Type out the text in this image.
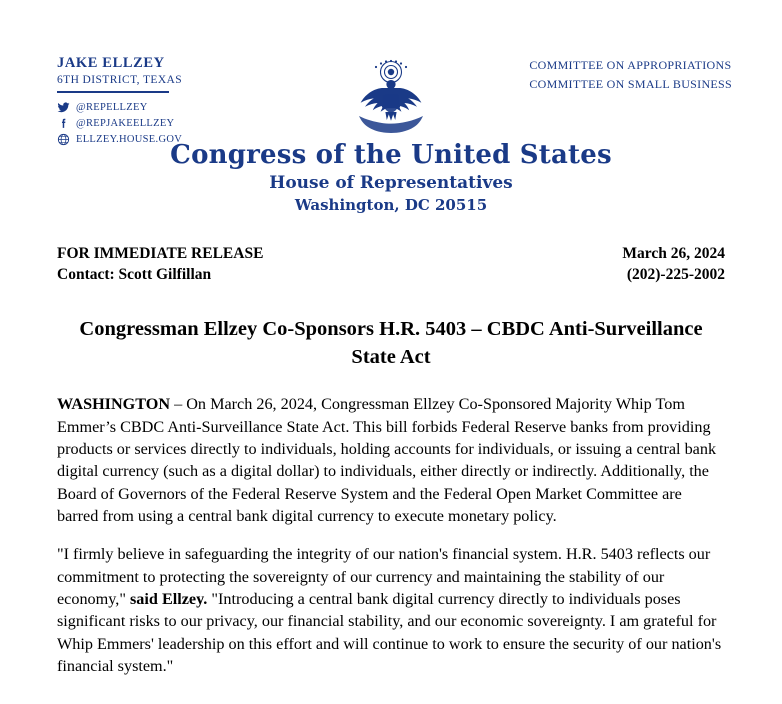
JAKE ELLZEY
6TH DISTRICT, TEXAS
@REPELLZEY
@REPJAKEELLZEY
ELLZEY.HOUSE.GOV
Congress of the United States
House of Representatives
Washington, DC 20515
COMMITTEE ON APPROPRIATIONS
COMMITTEE ON SMALL BUSINESS
FOR IMMEDIATE RELEASE	March 26, 2024
Contact: Scott Gilfillan	(202)-225-2002
Congressman Ellzey Co-Sponsors H.R. 5403 – CBDC Anti-Surveillance State Act

WASHINGTON – On March 26, 2024, Congressman Ellzey Co-Sponsored Majority Whip Tom Emmer’s CBDC Anti-Surveillance State Act. This bill forbids Federal Reserve banks from providing products or services directly to individuals, holding accounts for individuals, or issuing a central bank digital currency (such as a digital dollar) to individuals, either directly or indirectly. Additionally, the Board of Governors of the Federal Reserve System and the Federal Open Market Committee are barred from using a central bank digital currency to execute monetary policy.

"I firmly believe in safeguarding the integrity of our nation's financial system. H.R. 5403 reflects our commitment to protecting the sovereignty of our currency and maintaining the stability of our economy," said Ellzey. "Introducing a central bank digital currency directly to individuals poses significant risks to our privacy, our financial stability, and our economic sovereignty. I am grateful for Whip Emmers' leadership on this effort and will continue to work to ensure the security of our nation's financial system."
